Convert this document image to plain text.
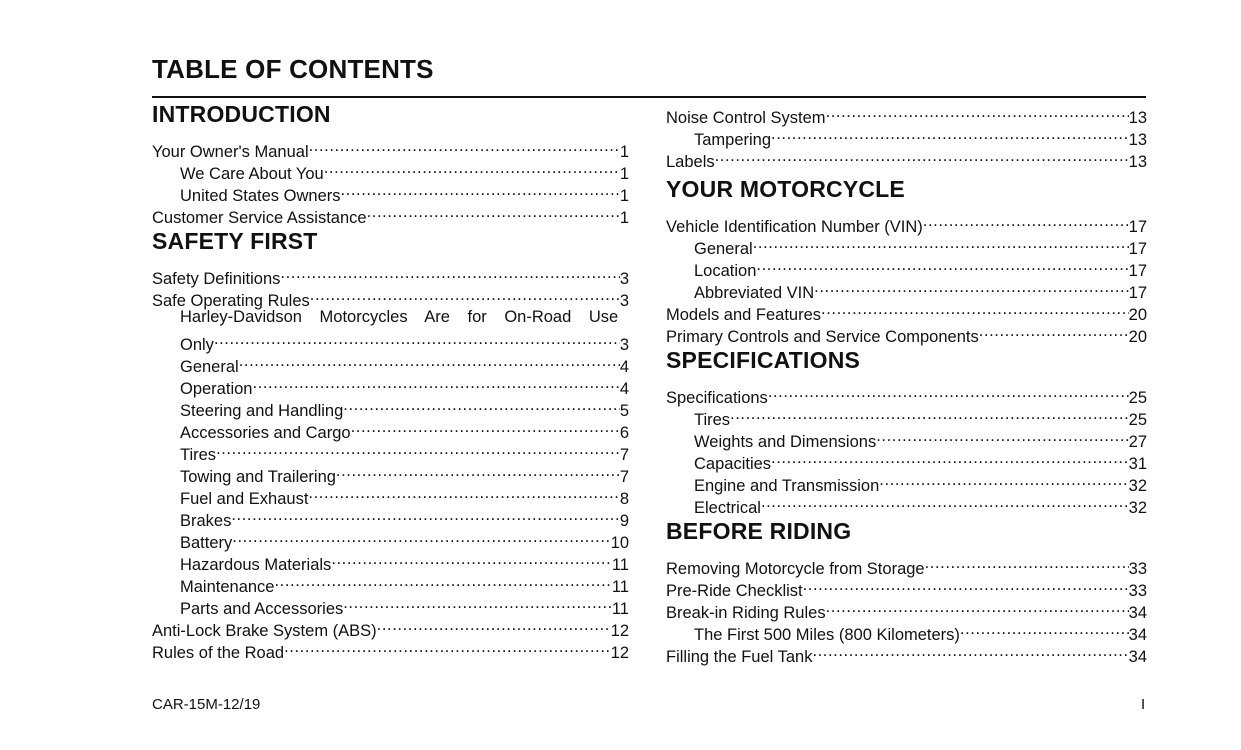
TABLE OF CONTENTS
INTRODUCTION
Your Owner's Manual .....	1
We Care About You .....	1
United States Owners .....	1
Customer Service Assistance .....	1
SAFETY FIRST
Safety Definitions .....	3
Safe Operating Rules .....	3
Harley-Davidson Motorcycles Are for On-Road Use
Only .....	3
General .....	4
Operation .....	4
Steering and Handling .....	5
Accessories and Cargo .....	6
Tires .....	7
Towing and Trailering .....	7
Fuel and Exhaust .....	8
Brakes .....	9
Battery .....	10
Hazardous Materials .....	11
Maintenance .....	11
Parts and Accessories .....	11
Anti-Lock Brake System (ABS) .....	12
Rules of the Road .....	12
Noise Control System .....	13
Tampering .....	13
Labels .....	13
YOUR MOTORCYCLE
Vehicle Identification Number (VIN) .....	17
General .....	17
Location .....	17
Abbreviated VIN .....	17
Models and Features .....	20
Primary Controls and Service Components .....	20
SPECIFICATIONS
Specifications .....	25
Tires .....	25
Weights and Dimensions .....	27
Capacities .....	31
Engine and Transmission .....	32
Electrical .....	32
BEFORE RIDING
Removing Motorcycle from Storage .....	33
Pre-Ride Checklist .....	33
Break-in Riding Rules .....	34
The First 500 Miles (800 Kilometers) .....	34
Filling the Fuel Tank .....	34
CAR-15M-12/19	I
